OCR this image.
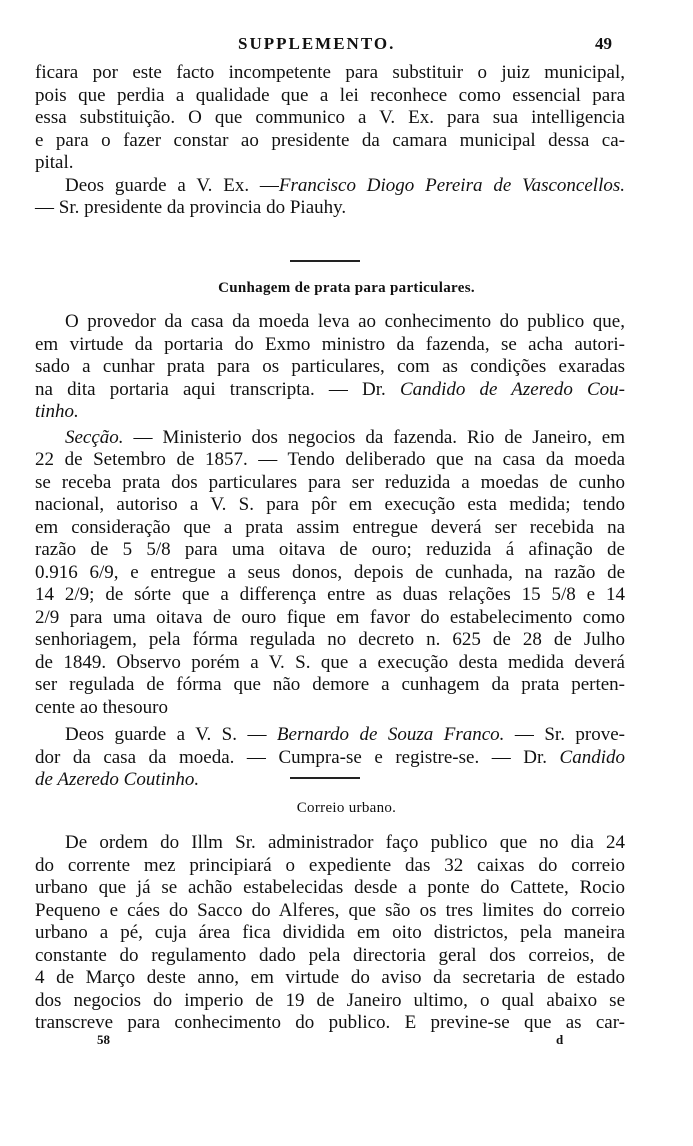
SUPPLEMENTO.	49
ficara por este facto incompetente para substituir o juiz municipal,
pois que perdia a qualidade que a lei reconhece como essencial para
essa substituição. O que communico a V. Ex. para sua intelligencia
e para o fazer constar ao presidente da camara municipal dessa ca-
pital.
Deos guarde a V. Ex. —Francisco Diogo Pereira de Vasconcellos.
— Sr. presidente da provincia do Piauhy.
Cunhagem de prata para particulares.
O provedor da casa da moeda leva ao conhecimento do publico que,
em virtude da portaria do Exmo ministro da fazenda, se acha autori-
sado a cunhar prata para os particulares, com as condições exaradas
na dita portaria aqui transcripta. — Dr. Candido de Azeredo Cou-
tinho.
Secção. — Ministerio dos negocios da fazenda. Rio de Janeiro, em
22 de Setembro de 1857. — Tendo deliberado que na casa da moeda
se receba prata dos particulares para ser reduzida a moedas de cunho
nacional, autoriso a V. S. para pôr em execução esta medida; tendo
em consideração que a prata assim entregue deverá ser recebida na
razão de 5 5/8 para uma oitava de ouro; reduzida á afinação de
0.916 6/9, e entregue a seus donos, depois de cunhada, na razão de
14 2/9; de sórte que a differença entre as duas relações 15 5/8 e 14
2/9 para uma oitava de ouro fique em favor do estabelecimento como
senhoriagem, pela fórma regulada no decreto n. 625 de 28 de Julho
de 1849. Observo porém a V. S. que a execução desta medida deverá
ser regulada de fórma que não demore a cunhagem da prata perten-
cente ao thesouro
Deos guarde a V. S. — Bernardo de Souza Franco. — Sr. prove-
dor da casa da moeda. — Cumpra-se e registre-se. — Dr. Candido
de Azeredo Coutinho.
Correio urbano.
De ordem do Illm Sr. administrador faço publico que no dia 24
do corrente mez principiará o expediente das 32 caixas do correio
urbano que já se achão estabelecidas desde a ponte do Cattete, Rocio
Pequeno e cáes do Sacco do Alferes, que são os tres limites do correio
urbano a pé, cuja área fica dividida em oito districtos, pela maneira
constante do regulamento dado pela directoria geral dos correios, de
4 de Março deste anno, em virtude do aviso da secretaria de estado
dos negocios do imperio de 19 de Janeiro ultimo, o qual abaixo se
transcreve para conhecimento do publico. E previne-se que as car-
58	d
